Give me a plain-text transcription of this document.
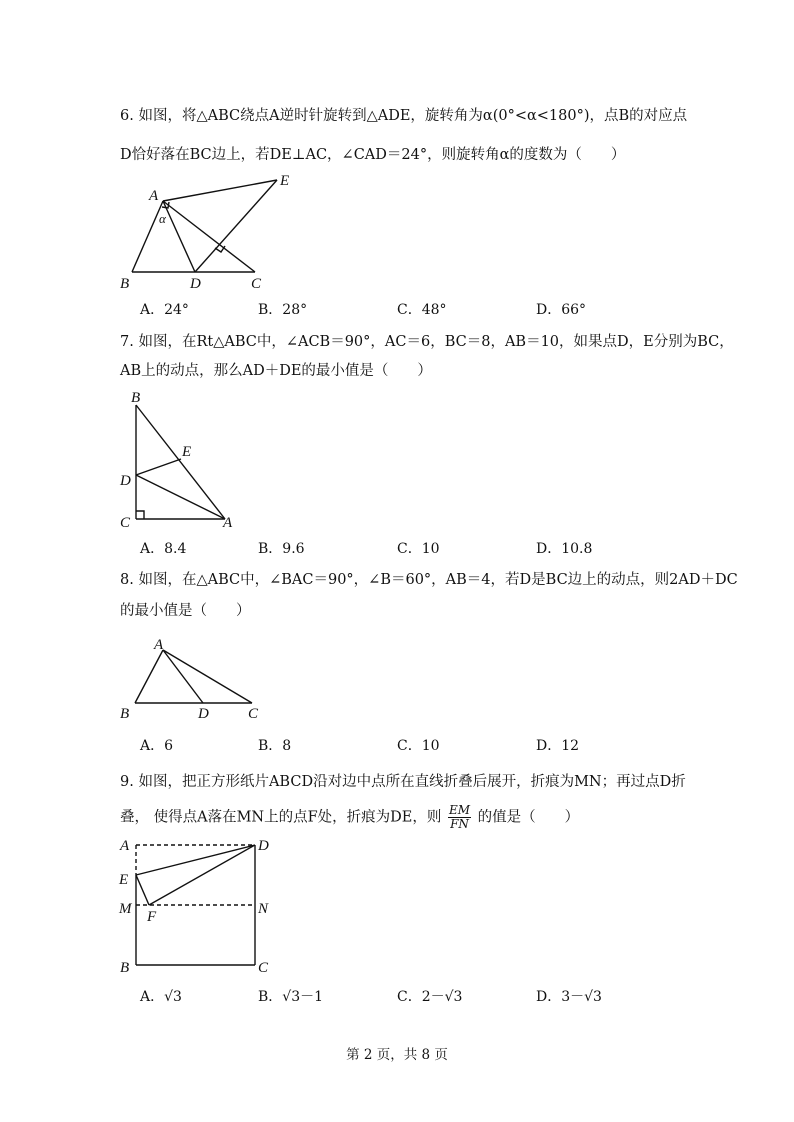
6. 如图，将△ABC绕点A逆时针旋转到△ADE，旋转角为α(0°<α<180°)，点B的对应点
D恰好落在BC边上，若DE⊥AC，∠CAD＝24°，则旋转角α的度数为（　　）
A
E
α
B	D	C
A．24°	B．28°	C．48°	D．66°
7. 如图，在Rt△ABC中，∠ACB＝90°，AC＝6，BC＝8，AB＝10，如果点D，E分别为BC，
AB上的动点，那么AD＋DE的最小值是（　　）
B
E
D
C	A
A．8.4	B．9.6	C．10	D．10.8
8. 如图，在△ABC中，∠BAC＝90°，∠B＝60°，AB＝4，若D是BC边上的动点，则2AD＋DC
的最小值是（　　）
A
B	D	C
A．6	B．8	C．10	D．12
9. 如图，把正方形纸片ABCD沿对边中点所在直线折叠后展开，折痕为MN；再过点D折
叠， 使得点A落在MN上的点F处，折痕为DE，则 $\frac{EM}{FN}$ 的值是（　　）
A	D
E
M F	N
B	C
A．√3	B．√3－1	C．2－√3	D．3－√3
第 2 页，共 8 页
